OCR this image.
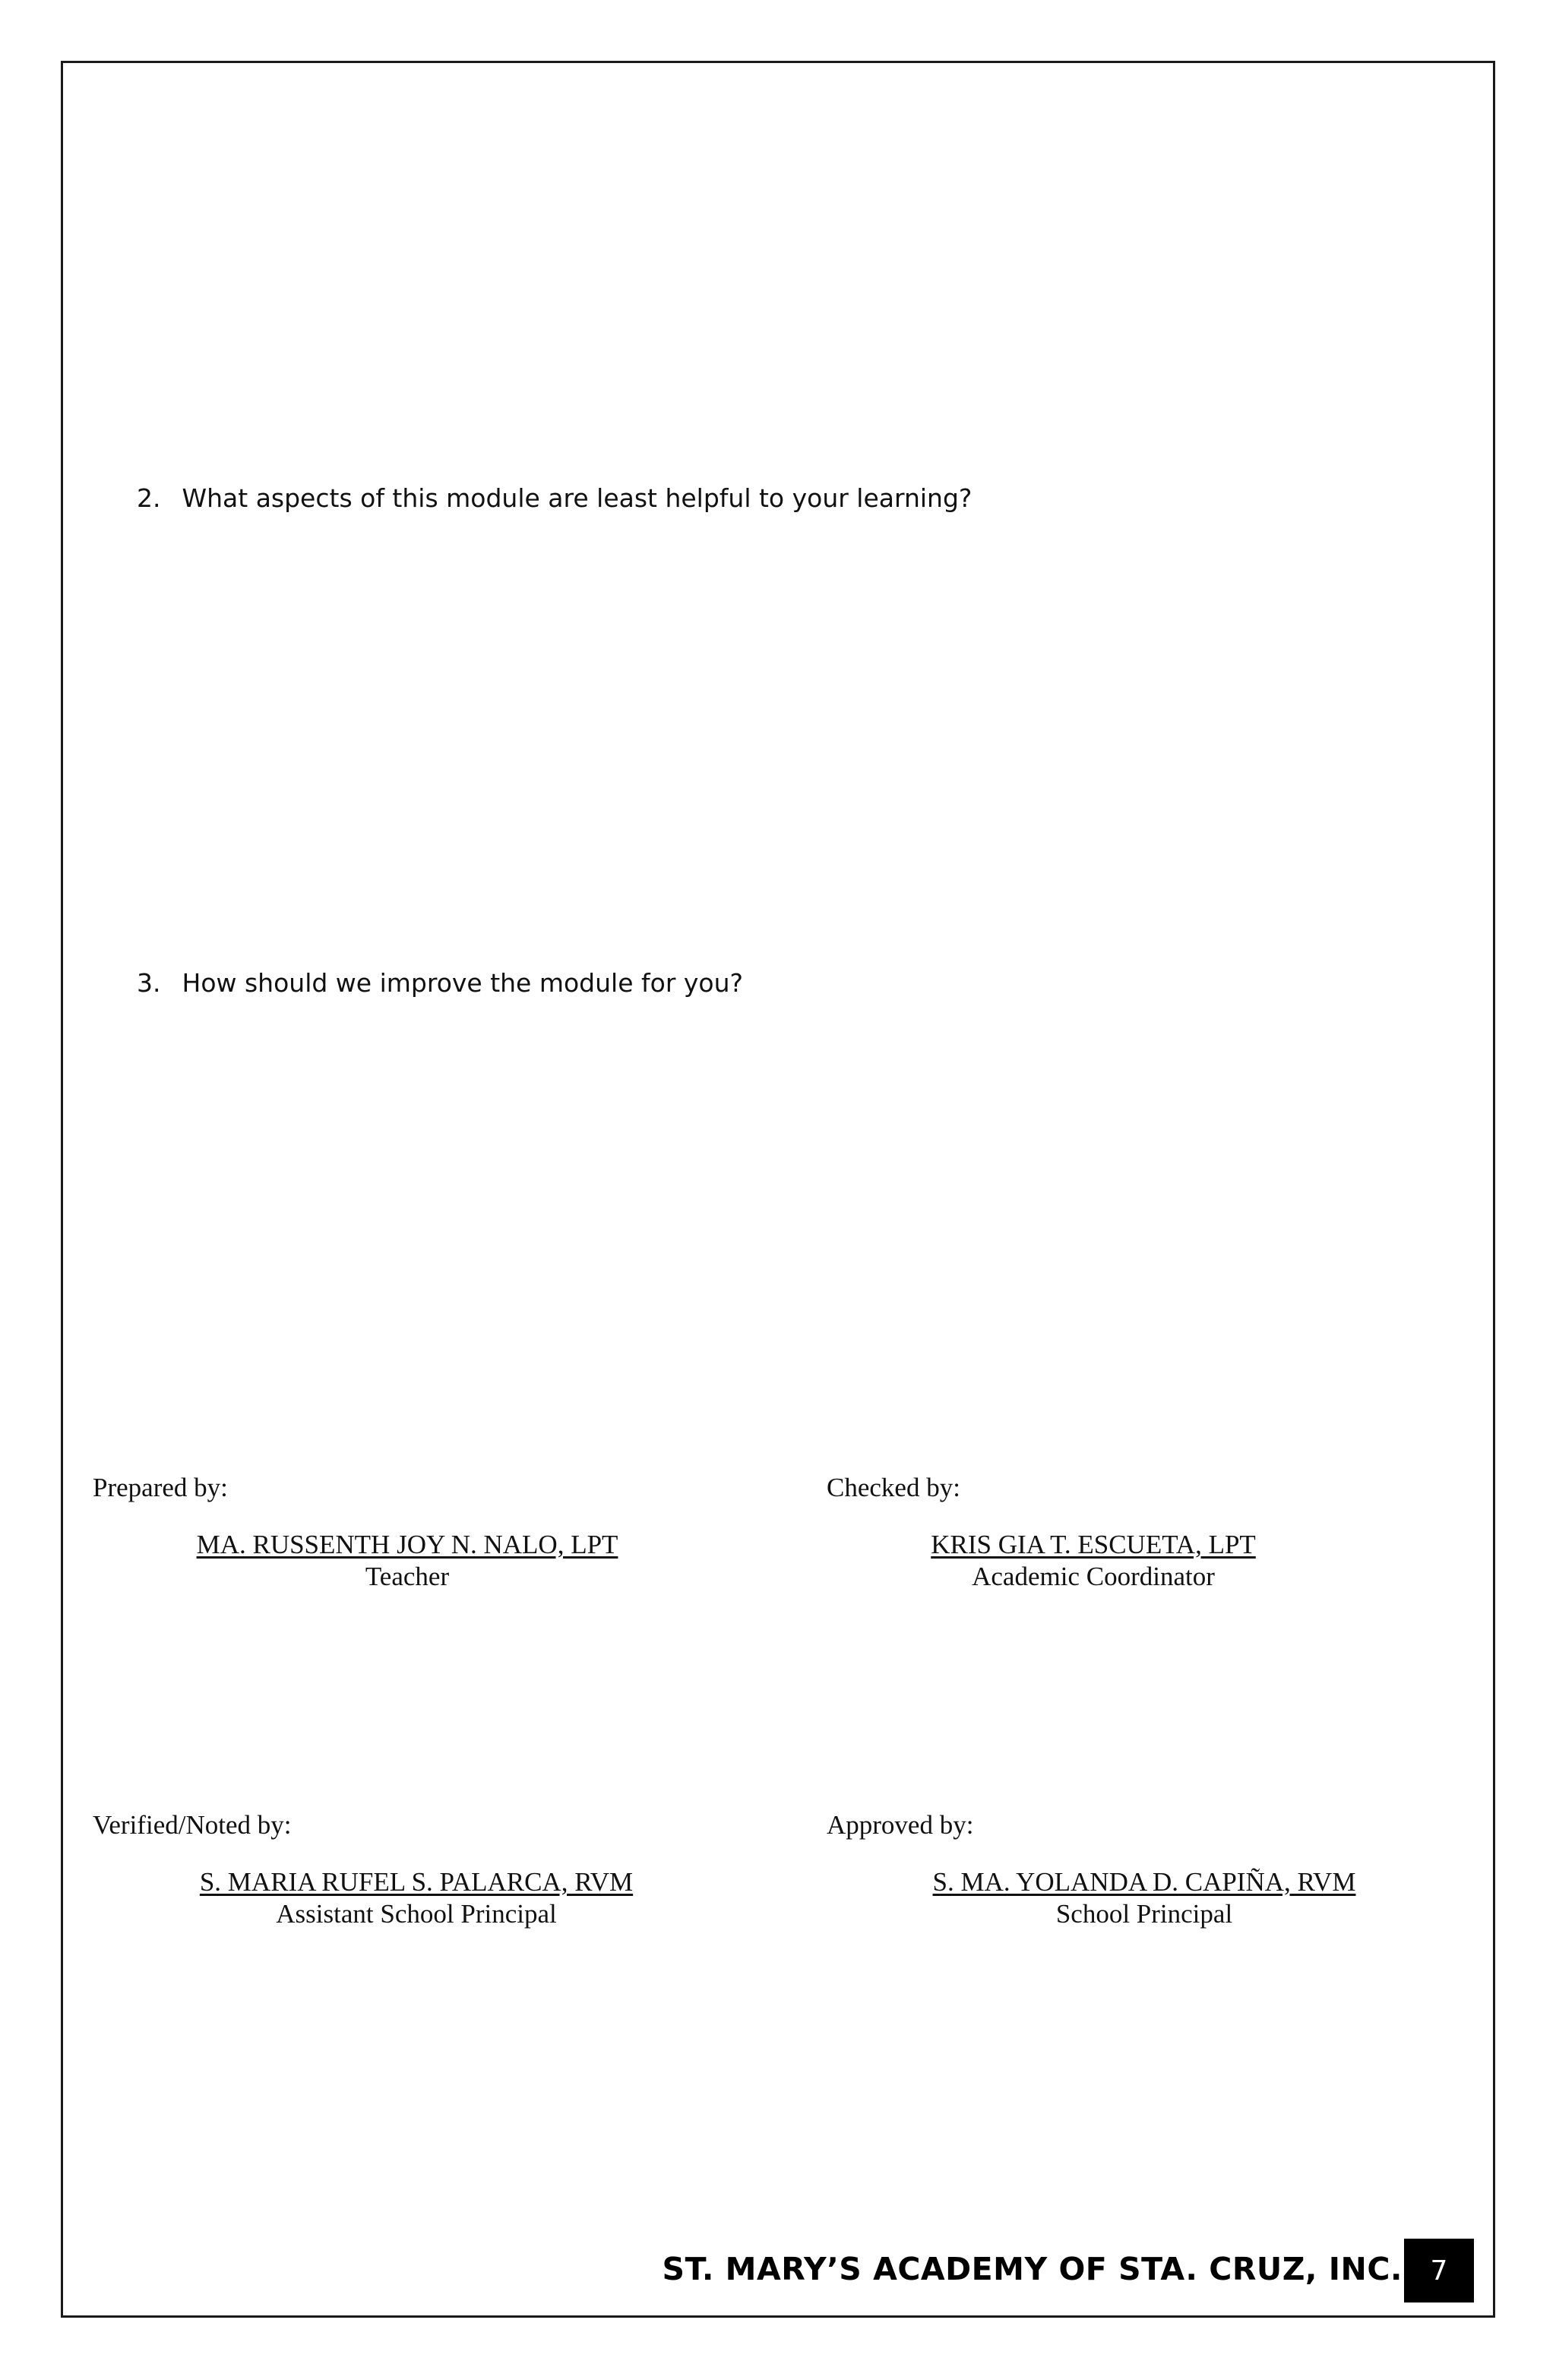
2. What aspects of this module are least helpful to your learning?
3. How should we improve the module for you?
Prepared by:
MA. RUSSENTH JOY N. NALO, LPT
Teacher
Checked by:
KRIS GIA T. ESCUETA, LPT
Academic Coordinator
Verified/Noted by:
S. MARIA RUFEL S. PALARCA, RVM
Assistant School Principal
Approved by:
S. MA. YOLANDA D. CAPIÑA, RVM
School Principal
ST. MARY’S ACADEMY OF STA. CRUZ, INC.	7
